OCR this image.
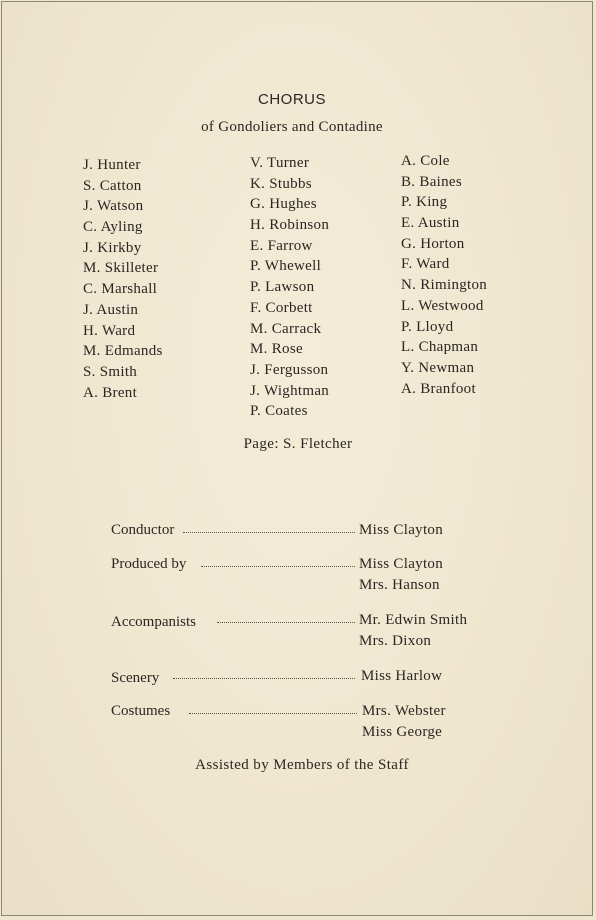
CHORUS
of Gondoliers and Contadine
J. Hunter
S. Catton
J. Watson
C. Ayling
J. Kirkby
M. Skilleter
C. Marshall
J. Austin
H. Ward
M. Edmands
S. Smith
A. Brent
V. Turner
K. Stubbs
G. Hughes
H. Robinson
E. Farrow
P. Whewell
P. Lawson
F. Corbett
M. Carrack
M. Rose
J. Fergusson
J. Wightman
P. Coates
A. Cole
B. Baines
P. King
E. Austin
G. Horton
F. Ward
N. Rimington
L. Westwood
P. Lloyd
L. Chapman
Y. Newman
A. Branfoot
Page: S. Fletcher
Conductor	Miss Clayton
Produced by	Miss Clayton
Mrs. Hanson
Accompanists	Mr. Edwin Smith
Mrs. Dixon
Scenery	Miss Harlow
Costumes	Mrs. Webster
Miss George
Assisted by Members of the Staff
